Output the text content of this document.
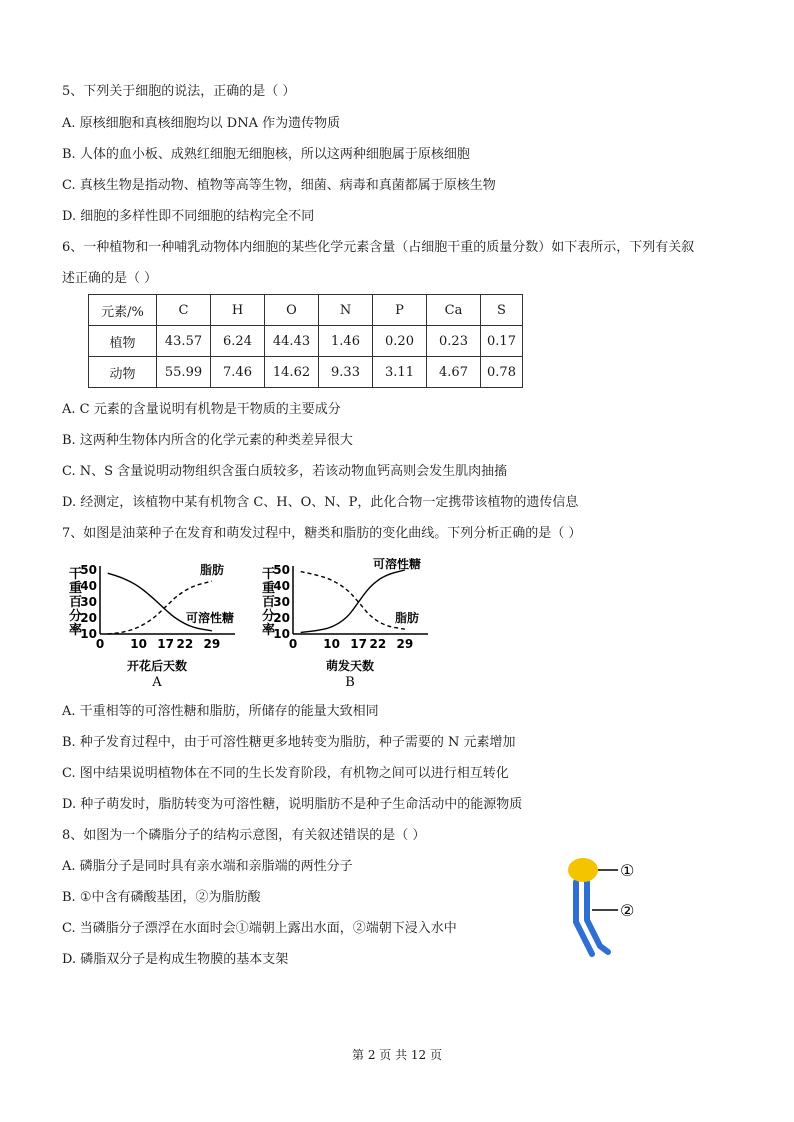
5、下列关于细胞的说法，正确的是（ ）
A. 原核细胞和真核细胞均以 DNA 作为遗传物质
B. 人体的血小板、成熟红细胞无细胞核，所以这两种细胞属于原核细胞
C. 真核生物是指动物、植物等高等生物，细菌、病毒和真菌都属于原核生物
D. 细胞的多样性即不同细胞的结构完全不同
6、一种植物和一种哺乳动物体内细胞的某些化学元素含量（占细胞干重的质量分数）如下表所示，下列有关叙
述正确的是（ ）
元素/%	C	H	O	N	P	Ca	S
植物	43.57	6.24	44.43	1.46	0.20	0.23	0.17
动物	55.99	7.46	14.62	9.33	3.11	4.67	0.78
A. C 元素的含量说明有机物是干物质的主要成分
B. 这两种生物体内所含的化学元素的种类差异很大
C. N、S 含量说明动物组织含蛋白质较多，若该动物血钙高则会发生肌肉抽搐
D. 经测定，该植物中某有机物含 C、H、O、N、P，此化合物一定携带该植物的遗传信息
7、如图是油菜种子在发育和萌发过程中，糖类和脂肪的变化曲线。下列分析正确的是（ ）
干
重
百
分
率
10
20
30
40
50
0 10 17 22 29
脂肪
可溶性糖
开花后天数
A
干
重
百
分
率
10
20
30
40
50
0 10 17 22 29
可溶性糖
脂肪
萌发天数
B
A. 干重相等的可溶性糖和脂肪，所储存的能量大致相同
B. 种子发育过程中，由于可溶性糖更多地转变为脂肪，种子需要的 N 元素增加
C. 图中结果说明植物体在不同的生长发育阶段，有机物之间可以进行相互转化
D. 种子萌发时，脂肪转变为可溶性糖，说明脂肪不是种子生命活动中的能源物质
8、如图为一个磷脂分子的结构示意图，有关叙述错误的是（ ）
A. 磷脂分子是同时具有亲水端和亲脂端的两性分子
B. ①中含有磷酸基团，②为脂肪酸
C. 当磷脂分子漂浮在水面时会①端朝上露出水面，②端朝下浸入水中
D. 磷脂双分子是构成生物膜的基本支架
①
②
第 2 页 共 12 页
